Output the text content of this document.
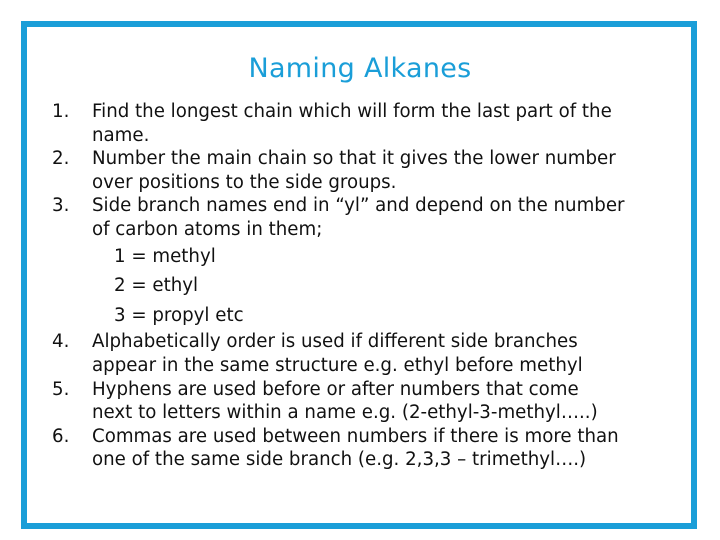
Naming Alkanes
1. Find the longest chain which will form the last part of the
name.
2. Number the main chain so that it gives the lower number
over positions to the side groups.
3. Side branch names end in “yl” and depend on the number
of carbon atoms in them;
1 = methyl
2 = ethyl
3 = propyl etc
4. Alphabetically order is used if different side branches
appear in the same structure e.g. ethyl before methyl
5. Hyphens are used before or after numbers that come
next to letters within a name e.g. (2-ethyl-3-methyl…..)
6. Commas are used between numbers if there is more than
one of the same side branch (e.g. 2,3,3 – trimethyl….)
